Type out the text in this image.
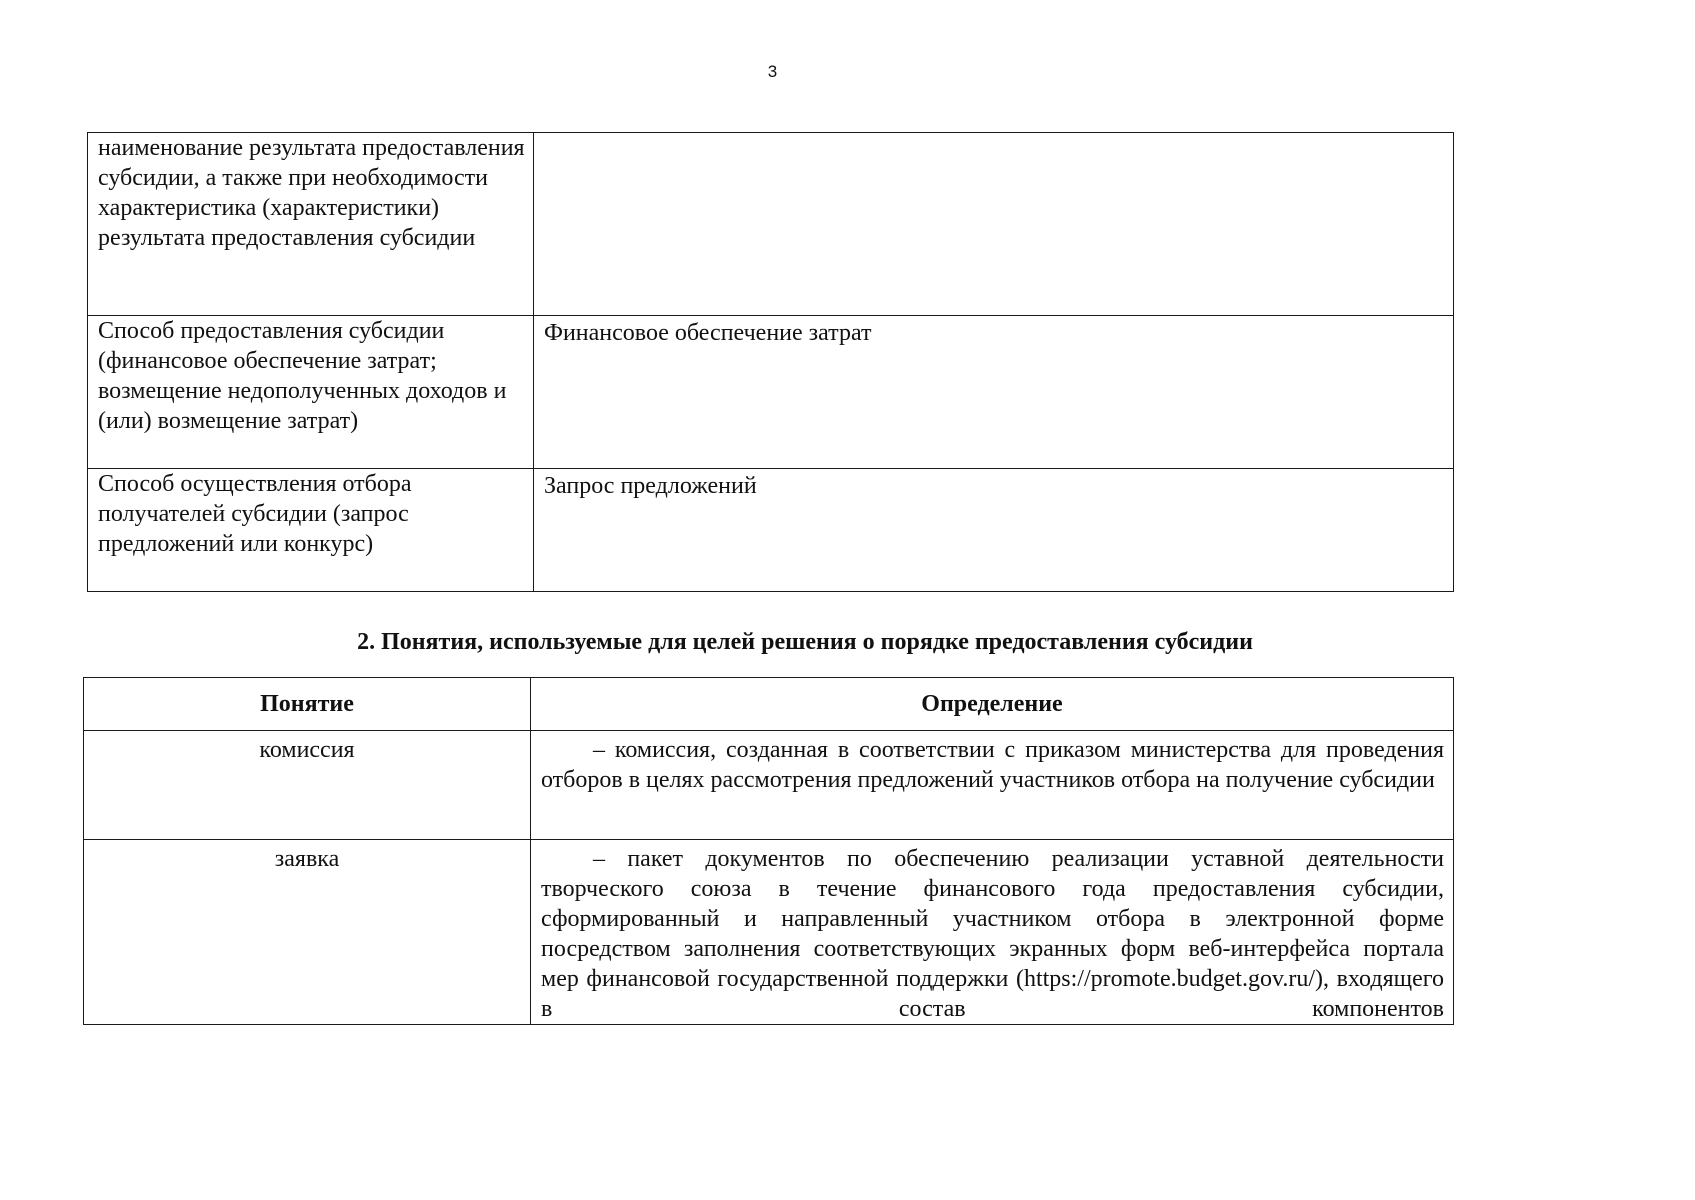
3
наименование результата предоставления субсидии, а также при необходимости характеристика (характеристики) результата предоставления субсидии	
Способ предоставления субсидии (финансовое обеспечение затрат; возмещение недополученных доходов и (или) возмещение затрат)	Финансовое обеспечение затрат
Способ осуществления отбора получателей субсидии (запрос предложений или конкурс)	Запрос предложений
2. Понятия, используемые для целей решения о порядке предоставления субсидии
Понятие	Определение
комиссия	– комиссия, созданная в соответствии с приказом министерства для проведения отборов в целях рассмотрения предложений участников отбора на получение субсидии
заявка	– пакет документов по обеспечению реализации уставной деятельности творческого союза в течение финансового года предоставления субсидии, сформированный и направленный участником отбора в электронной форме посредством заполнения соответствующих экранных форм веб-интерфейса портала мер финансовой государственной поддержки (https://promote.budget.gov.ru/), входящего в состав компонентов
